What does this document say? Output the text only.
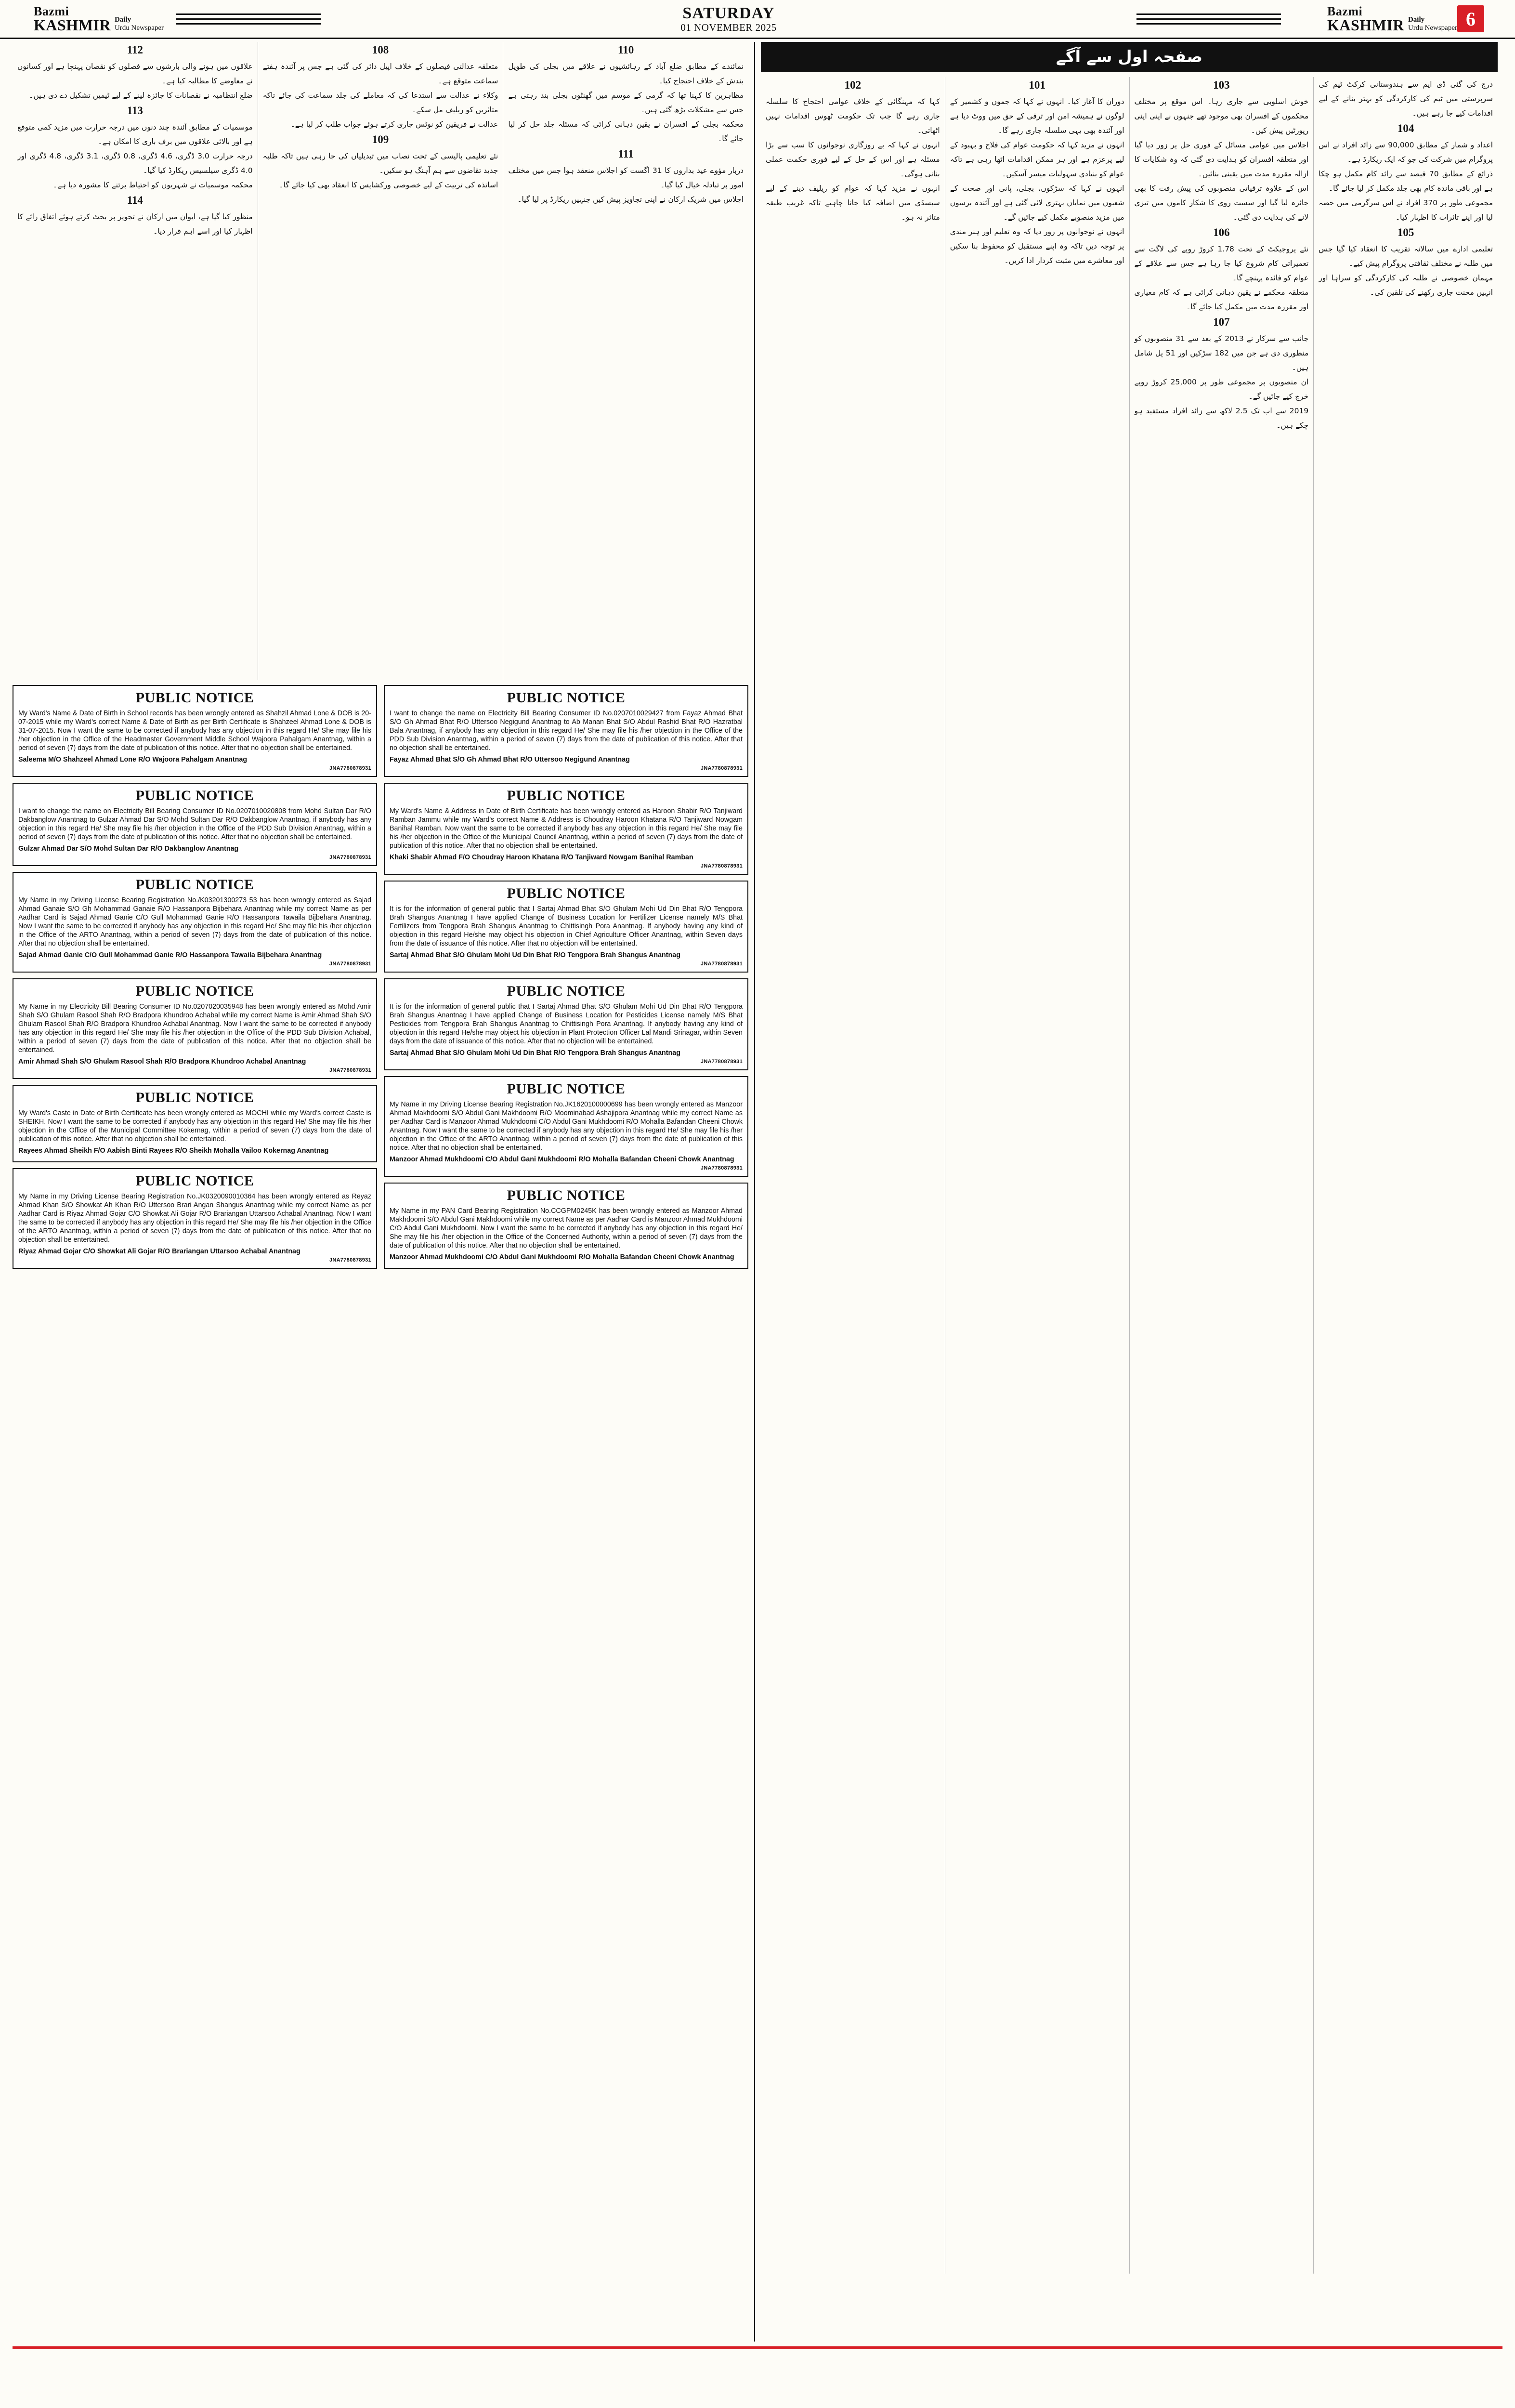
Bazmi
KASHMIR Daily
Urdu Newspaper
SATURDAY
01 NOVEMBER 2025
Bazmi
KASHMIR Daily
Urdu Newspaper 6
110
نمائندے کے مطابق ضلع آباد کے رہائشیوں نے علاقے میں بجلی کی طویل بندش کے خلاف احتجاج کیا۔
مظاہرین کا کہنا تھا کہ گرمی کے موسم میں گھنٹوں بجلی بند رہتی ہے جس سے مشکلات بڑھ گئی ہیں۔
محکمہ بجلی کے افسران نے یقین دہانی کرائی کہ مسئلہ جلد حل کر لیا جائے گا۔
111
دربار مؤوے عید بداروں کا 31 اگست کو اجلاس منعقد ہوا جس میں مختلف امور پر تبادلہ خیال کیا گیا۔
اجلاس میں شریک ارکان نے اپنی تجاویز پیش کیں جنہیں ریکارڈ پر لیا گیا۔
108
متعلقہ عدالتی فیصلوں کے خلاف اپیل دائر کی گئی ہے جس پر آئندہ ہفتے سماعت متوقع ہے۔
وکلاء نے عدالت سے استدعا کی کہ معاملے کی جلد سماعت کی جائے تاکہ متاثرین کو ریلیف مل سکے۔
عدالت نے فریقین کو نوٹس جاری کرتے ہوئے جواب طلب کر لیا ہے۔
109
نئے تعلیمی پالیسی کے تحت نصاب میں تبدیلیاں کی جا رہی ہیں تاکہ طلبہ جدید تقاضوں سے ہم آہنگ ہو سکیں۔
اساتذہ کی تربیت کے لیے خصوصی ورکشاپس کا انعقاد بھی کیا جائے گا۔
112
علاقوں میں ہونے والی بارشوں سے فصلوں کو نقصان پہنچا ہے اور کسانوں نے معاوضے کا مطالبہ کیا ہے۔
ضلع انتظامیہ نے نقصانات کا جائزہ لینے کے لیے ٹیمیں تشکیل دے دی ہیں۔
113
موسمیات کے مطابق آئندہ چند دنوں میں درجہ حرارت میں مزید کمی متوقع ہے اور بالائی علاقوں میں برف باری کا امکان ہے۔
درجہ حرارت 3.0 ڈگری، 4.6 ڈگری، 0.8 ڈگری، 3.1 ڈگری، 4.8 ڈگری اور 4.0 ڈگری سیلسیس ریکارڈ کیا گیا۔
محکمہ موسمیات نے شہریوں کو احتیاط برتنے کا مشورہ دیا ہے۔
114
منظور کیا گیا ہے، ایوان میں ارکان نے تجویز پر بحث کرتے ہوئے اتفاق رائے کا اظہار کیا اور اسے اہم قرار دیا۔
PUBLIC NOTICE

My Ward's Name & Date of Birth in School records has been wrongly entered as Shahzil Ahmad Lone & DOB is 20-07-2015 while my Ward's correct Name & Date of Birth as per Birth Certificate is Shahzeel Ahmad Lone & DOB is 31-07-2015. Now I want the same to be corrected if anybody has any objection in this regard He/ She may file his /her objection in the Office of the Headmaster Government Middle School Wajoora Pahalgam Anantnag, within a period of seven (7) days from the date of publication of this notice. After that no objection shall be entertained.

Saleema M/O Shahzeel Ahmad Lone R/O Wajoora Pahalgam Anantnag
JNA7780878931
PUBLIC NOTICE

I want to change the name on Electricity Bill Bearing Consumer ID No.0207010020808 from Mohd Sultan Dar R/O Dakbanglow Anantnag to Gulzar Ahmad Dar S/O Mohd Sultan Dar R/O Dakbanglow Anantnag, if anybody has any objection in this regard He/ She may file his /her objection in the Office of the PDD Sub Division Anantnag, within a period of seven (7) days from the date of publication of this notice. After that no objection shall be entertained.

Gulzar Ahmad Dar S/O Mohd Sultan Dar R/O Dakbanglow Anantnag
JNA7780878931
PUBLIC NOTICE

My Name in my Driving License Bearing Registration No./K03201300273 53 has been wrongly entered as Sajad Ahmad Ganaie S/O Gh Mohammad Ganaie R/O Hassanpora Bijbehara Anantnag while my correct Name as per Aadhar Card is Sajad Ahmad Ganie C/O Gull Mohammad Ganie R/O Hassanpora Tawaila Bijbehara Anantnag. Now I want the same to be corrected if anybody has any objection in this regard He/ She may file his /her objection in the Office of the ARTO Anantnag, within a period of seven (7) days from the date of publication of this notice. After that no objection shall be entertained.

Sajad Ahmad Ganie C/O Gull Mohammad Ganie R/O Hassanpora Tawaila Bijbehara Anantnag
JNA7780878931
PUBLIC NOTICE

My Name in my Electricity Bill Bearing Consumer ID No.0207020035948 has been wrongly entered as Mohd Amir Shah S/O Ghulam Rasool Shah R/O Bradpora Khundroo Achabal while my correct Name is Amir Ahmad Shah S/O Ghulam Rasool Shah R/O Bradpora Khundroo Achabal Anantnag. Now I want the same to be corrected if anybody has any objection in this regard He/ She may file his /her objection in the Office of the PDD Sub Division Achabal, within a period of seven (7) days from the date of publication of this notice. After that no objection shall be entertained.

Amir Ahmad Shah S/O Ghulam Rasool Shah R/O Bradpora Khundroo Achabal Anantnag
JNA7780878931
PUBLIC NOTICE

My Ward's Caste in Date of Birth Certificate has been wrongly entered as MOCHI while my Ward's correct Caste is SHEIKH. Now I want the same to be corrected if anybody has any objection in this regard He/ She may file his /her objection in the Office of the Municipal Committee Kokernag, within a period of seven (7) days from the date of publication of this notice. After that no objection shall be entertained.

Rayees Ahmad Sheikh F/O Aabish Binti Rayees R/O Sheikh Mohalla Vailoo Kokernag Anantnag
PUBLIC NOTICE

My Name in my Driving License Bearing Registration No.JK0320090010364 has been wrongly entered as Reyaz Ahmad Khan S/O Showkat Ah Khan R/O Uttersoo Brari Angan Shangus Anantnag while my correct Name as per Aadhar Card is Riyaz Ahmad Gojar C/O Showkat Ali Gojar R/O Brariangan Uttarsoo Achabal Anantnag. Now I want the same to be corrected if anybody has any objection in this regard He/ She may file his /her objection in the Office of the ARTO Anantnag, within a period of seven (7) days from the date of publication of this notice. After that no objection shall be entertained.

Riyaz Ahmad Gojar C/O Showkat Ali Gojar R/O Brariangan Uttarsoo Achabal Anantnag
JNA7780878931
PUBLIC NOTICE

I want to change the name on Electricity Bill Bearing Consumer ID No.0207010029427 from Fayaz Ahmad Bhat S/O Gh Ahmad Bhat R/O Uttersoo Negigund Anantnag to Ab Manan Bhat S/O Abdul Rashid Bhat R/O Hazratbal Bala Anantnag, if anybody has any objection in this regard He/ She may file his /her objection in the Office of the PDD Sub Division Anantnag, within a period of seven (7) days from the date of publication of this notice. After that no objection shall be entertained.

Fayaz Ahmad Bhat S/O Gh Ahmad Bhat R/O Uttersoo Negigund Anantnag
JNA7780878931
PUBLIC NOTICE

My Ward's Name & Address in Date of Birth Certificate has been wrongly entered as Haroon Shabir R/O Tanjiward Ramban Jammu while my Ward's correct Name & Address is Choudray Haroon Khatana R/O Tanjiward Nowgam Banihal Ramban. Now want the same to be corrected if anybody has any objection in this regard He/ She may file his /her objection in the Office of the Municipal Council Anantnag, within a period of seven (7) days from the date of publication of this notice. After that no objection shall be entertained.

Khaki Shabir Ahmad F/O Choudray Haroon Khatana R/O Tanjiward Nowgam Banihal Ramban
JNA7780878931
PUBLIC NOTICE

It is for the information of general public that I Sartaj Ahmad Bhat S/O Ghulam Mohi Ud Din Bhat R/O Tengpora Brah Shangus Anantnag I have applied Change of Business Location for Fertilizer License namely M/S Bhat Fertilizers from Tengpora Brah Shangus Anantnag to Chittisingh Pora Anantnag. If anybody having any kind of objection in this regard He/she may object his objection in Chief Agriculture Officer Anantnag, within Seven days from the date of issuance of this notice. After that no objection will be entertained.

Sartaj Ahmad Bhat S/O Ghulam Mohi Ud Din Bhat R/O Tengpora Brah Shangus Anantnag
JNA7780878931
PUBLIC NOTICE

It is for the information of general public that I Sartaj Ahmad Bhat S/O Ghulam Mohi Ud Din Bhat R/O Tengpora Brah Shangus Anantnag I have applied Change of Business Location for Pesticides License namely M/S Bhat Pesticides from Tengpora Brah Shangus Anantnag to Chittisingh Pora Anantnag. If anybody having any kind of objection in this regard He/she may object his objection in Plant Protection Officer Lal Mandi Srinagar, within Seven days from the date of issuance of this notice. After that no objection will be entertained.

Sartaj Ahmad Bhat S/O Ghulam Mohi Ud Din Bhat R/O Tengpora Brah Shangus Anantnag
JNA7780878931
PUBLIC NOTICE

My Name in my Driving License Bearing Registration No.JK1620100000699 has been wrongly entered as Manzoor Ahmad Makhdoomi S/O Abdul Gani Makhdoomi R/O Moominabad Ashajipora Anantnag while my correct Name as per Aadhar Card is Manzoor Ahmad Mukhdoomi C/O Abdul Gani Mukhdoomi R/O Mohalla Bafandan Cheeni Chowk Anantnag. Now I want the same to be corrected if anybody has any objection in this regard He/ She may file his /her objection in the Office of the ARTO Anantnag, within a period of seven (7) days from the date of publication of this notice. After that no objection shall be entertained.

Manzoor Ahmad Mukhdoomi C/O Abdul Gani Mukhdoomi R/O Mohalla Bafandan Cheeni Chowk Anantnag
JNA7780878931
PUBLIC NOTICE

My Name in my PAN Card Bearing Registration No.CCGPM0245K has been wrongly entered as Manzoor Ahmad Makhdoomi S/O Abdul Gani Makhdoomi while my correct Name as per Aadhar Card is Manzoor Ahmad Mukhdoomi C/O Abdul Gani Mukhdoomi. Now I want the same to be corrected if anybody has any objection in this regard He/ She may file his /her objection in the Office of the Concerned Authority, within a period of seven (7) days from the date of publication of this notice. After that no objection shall be entertained.

Manzoor Ahmad Mukhdoomi C/O Abdul Gani Mukhdoomi R/O Mohalla Bafandan Cheeni Chowk Anantnag
صفحہ اول سے آگے
درج کی گئی ڈی ایم سے ہندوستانی کرکٹ ٹیم کی سرپرستی میں ٹیم کی کارکردگی کو بہتر بنانے کے لیے اقدامات کیے جا رہے ہیں۔
104
اعداد و شمار کے مطابق 90,000 سے زائد افراد نے اس پروگرام میں شرکت کی جو کہ ایک ریکارڈ ہے۔
ذرائع کے مطابق 70 فیصد سے زائد کام مکمل ہو چکا ہے اور باقی ماندہ کام بھی جلد مکمل کر لیا جائے گا۔
مجموعی طور پر 370 افراد نے اس سرگرمی میں حصہ لیا اور اپنے تاثرات کا اظہار کیا۔
105
تعلیمی ادارے میں سالانہ تقریب کا انعقاد کیا گیا جس میں طلبہ نے مختلف ثقافتی پروگرام پیش کیے۔
مہمان خصوصی نے طلبہ کی کارکردگی کو سراہا اور انہیں محنت جاری رکھنے کی تلقین کی۔
103
خوش اسلوبی سے جاری رہا۔ اس موقع پر مختلف محکموں کے افسران بھی موجود تھے جنہوں نے اپنی اپنی رپورٹیں پیش کیں۔
اجلاس میں عوامی مسائل کے فوری حل پر زور دیا گیا اور متعلقہ افسران کو ہدایت دی گئی کہ وہ شکایات کا ازالہ مقررہ مدت میں یقینی بنائیں۔
اس کے علاوہ ترقیاتی منصوبوں کی پیش رفت کا بھی جائزہ لیا گیا اور سست روی کا شکار کاموں میں تیزی لانے کی ہدایت دی گئی۔
106
نئے پروجیکٹ کے تحت 1.78 کروڑ روپے کی لاگت سے تعمیراتی کام شروع کیا جا رہا ہے جس سے علاقے کے عوام کو فائدہ پہنچے گا۔
متعلقہ محکمے نے یقین دہانی کرائی ہے کہ کام معیاری اور مقررہ مدت میں مکمل کیا جائے گا۔
107
جانب سے سرکار نے 2013 کے بعد سے 31 منصوبوں کو منظوری دی ہے جن میں 182 سڑکیں اور 51 پل شامل ہیں۔
ان منصوبوں پر مجموعی طور پر 25,000 کروڑ روپے خرچ کیے جائیں گے۔
2019 سے اب تک 2.5 لاکھ سے زائد افراد مستفید ہو چکے ہیں۔
101
دوران کا آغاز کیا۔ انہوں نے کہا کہ جموں و کشمیر کے لوگوں نے ہمیشہ امن اور ترقی کے حق میں ووٹ دیا ہے اور آئندہ بھی یہی سلسلہ جاری رہے گا۔
انہوں نے مزید کہا کہ حکومت عوام کی فلاح و بہبود کے لیے پرعزم ہے اور ہر ممکن اقدامات اٹھا رہی ہے تاکہ عوام کو بنیادی سہولیات میسر آسکیں۔
انہوں نے کہا کہ سڑکوں، بجلی، پانی اور صحت کے شعبوں میں نمایاں بہتری لائی گئی ہے اور آئندہ برسوں میں مزید منصوبے مکمل کیے جائیں گے۔
انہوں نے نوجوانوں پر زور دیا کہ وہ تعلیم اور ہنر مندی پر توجہ دیں تاکہ وہ اپنے مستقبل کو محفوظ بنا سکیں اور معاشرے میں مثبت کردار ادا کریں۔
102
کہا کہ مہنگائی کے خلاف عوامی احتجاج کا سلسلہ جاری رہے گا جب تک حکومت ٹھوس اقدامات نہیں اٹھاتی۔
انہوں نے کہا کہ بے روزگاری نوجوانوں کا سب سے بڑا مسئلہ ہے اور اس کے حل کے لیے فوری حکمت عملی بنانی ہوگی۔
انہوں نے مزید کہا کہ عوام کو ریلیف دینے کے لیے سبسڈی میں اضافہ کیا جانا چاہیے تاکہ غریب طبقہ متاثر نہ ہو۔
